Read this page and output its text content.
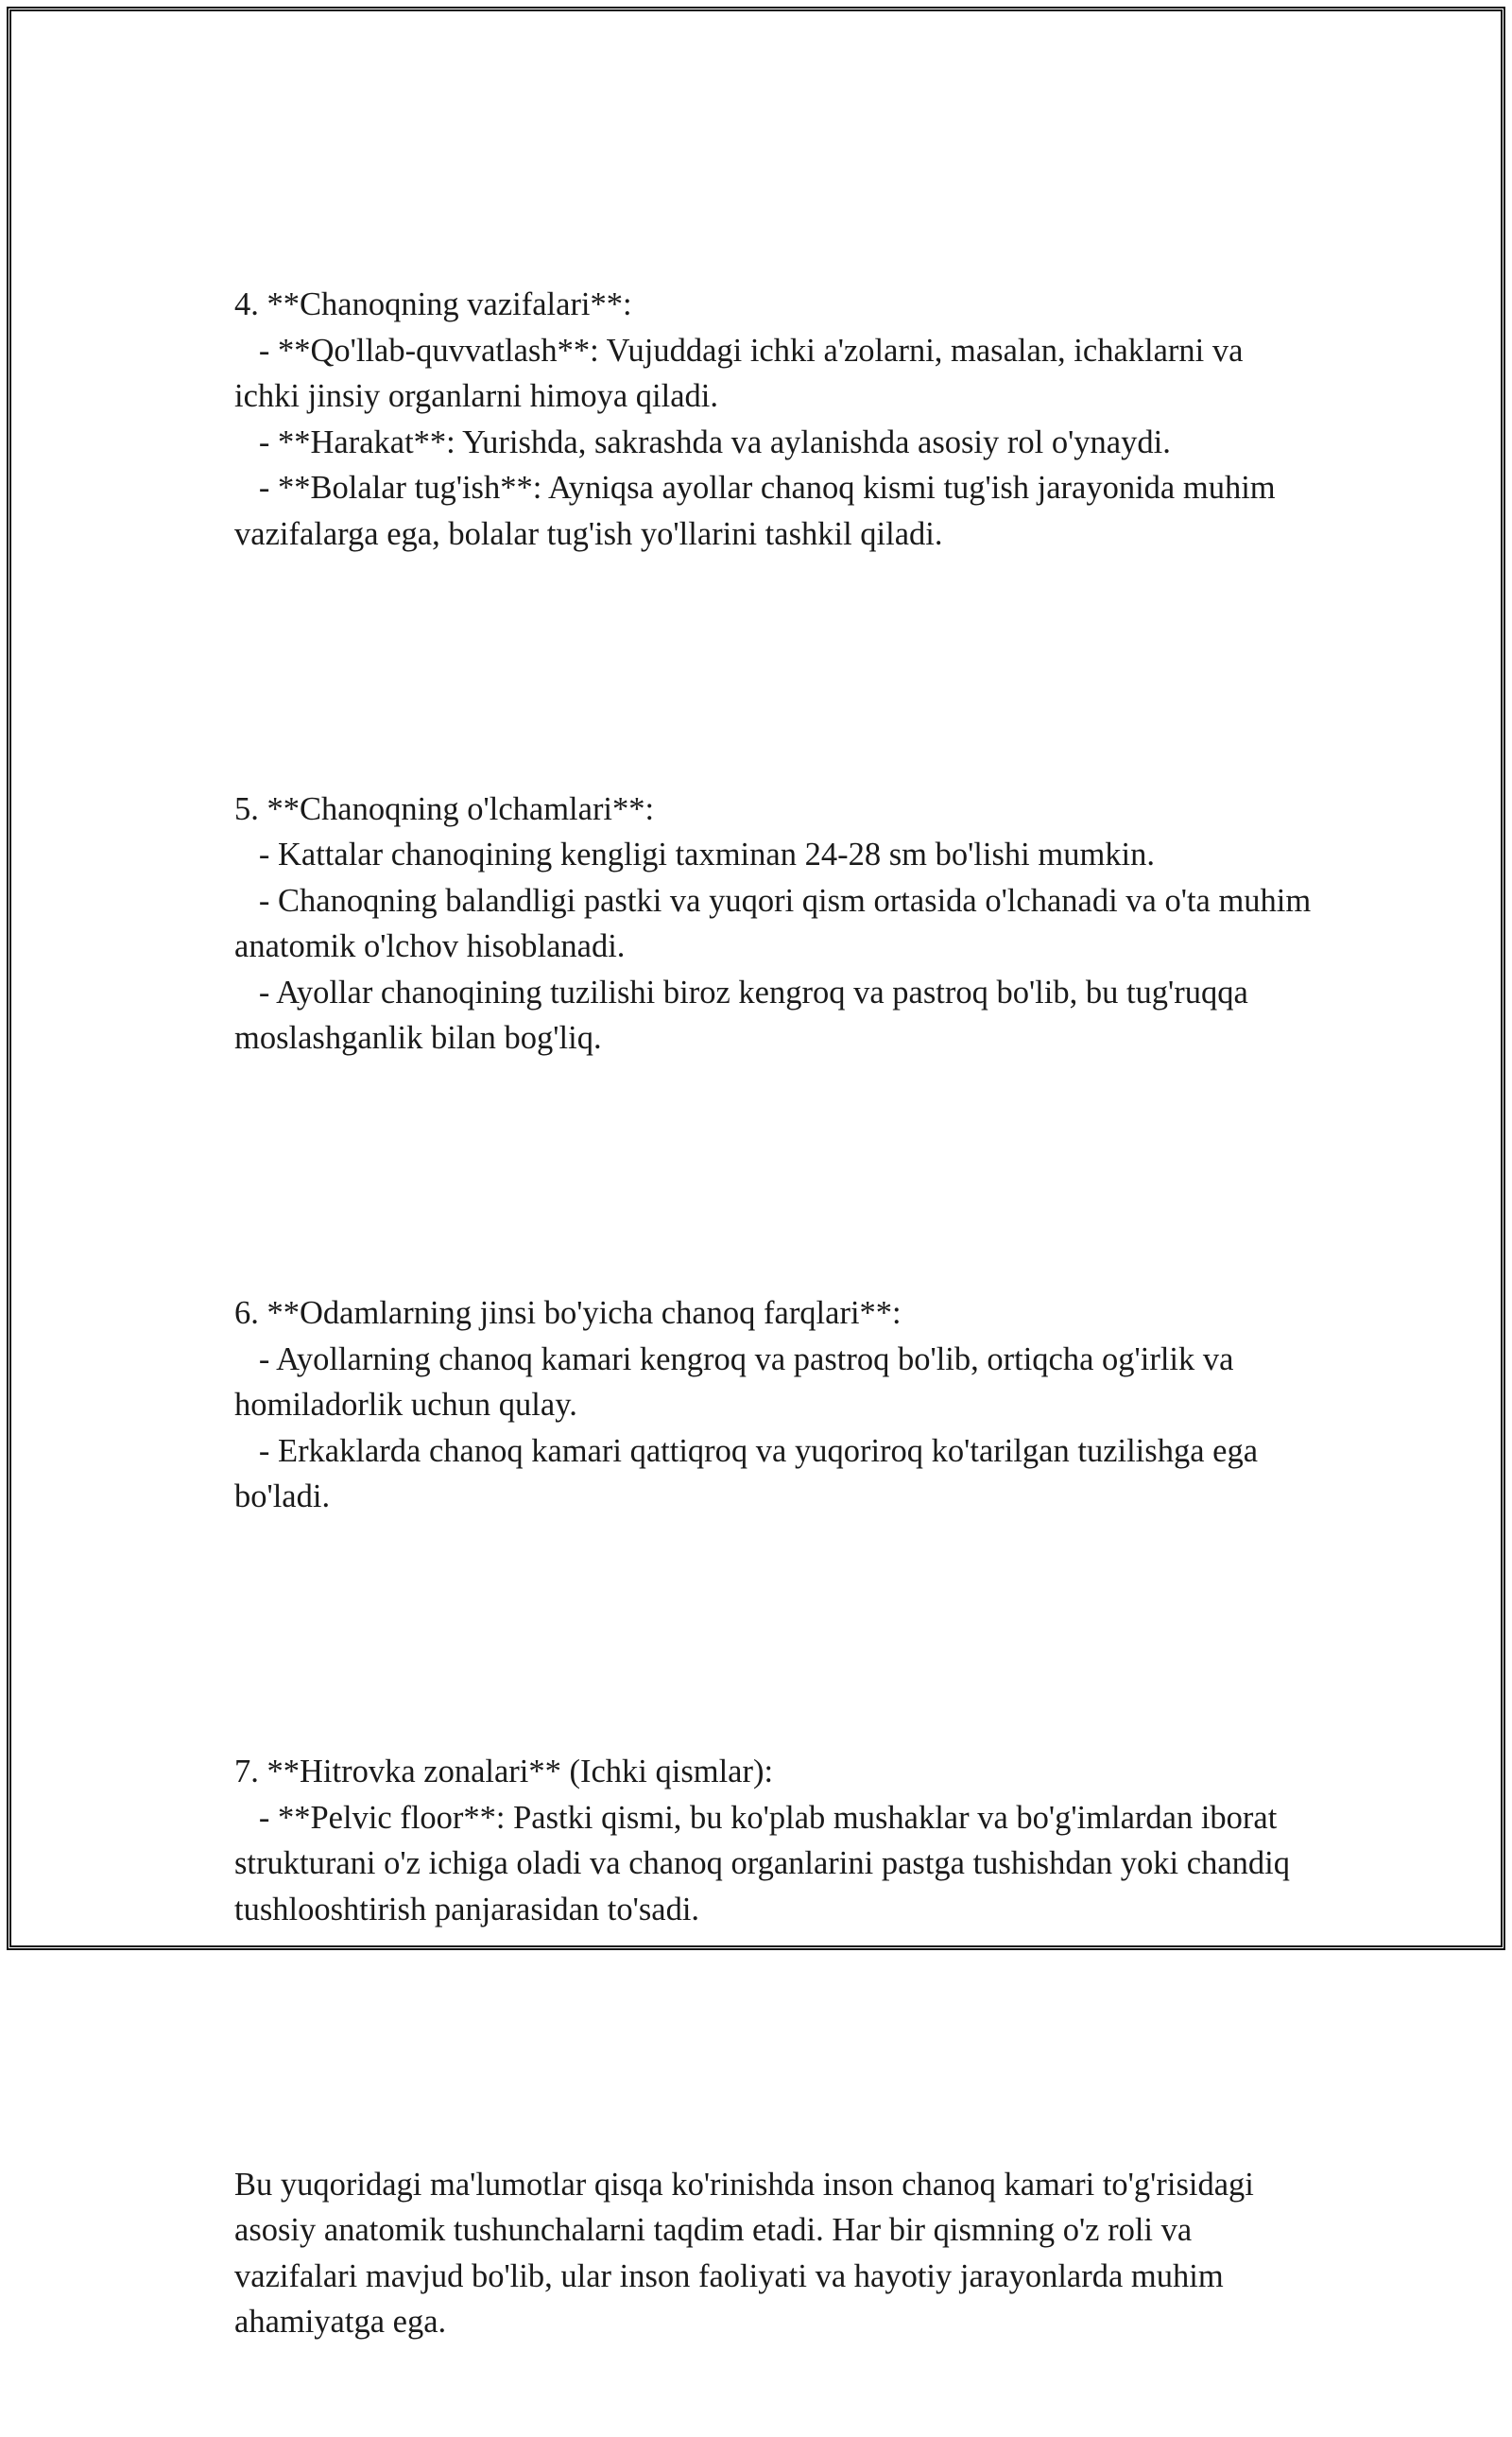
4. **Chanoqning vazifalari**:
- **Qo'llab-quvvatlash**: Vujuddagi ichki a'zolarni, masalan, ichaklarni va ichki jinsiy organlarni himoya qiladi.
- **Harakat**: Yurishda, sakrashda va aylanishda asosiy rol o'ynaydi.
- **Bolalar tug'ish**: Ayniqsa ayollar chanoq kismi tug'ish jarayonida muhim vazifalarga ega, bolalar tug'ish yo'llarini tashkil qiladi.

5. **Chanoqning o'lchamlari**:
- Kattalar chanoqining kengligi taxminan 24-28 sm bo'lishi mumkin.
- Chanoqning balandligi pastki va yuqori qism ortasida o'lchanadi va o'ta muhim anatomik o'lchov hisoblanadi.
- Ayollar chanoqining tuzilishi biroz kengroq va pastroq bo'lib, bu tug'ruqqa moslashganlik bilan bog'liq.

6. **Odamlarning jinsi bo'yicha chanoq farqlari**:
- Ayollarning chanoq kamari kengroq va pastroq bo'lib, ortiqcha og'irlik va homiladorlik uchun qulay.
- Erkaklarda chanoq kamari qattiqroq va yuqoriroq ko'tarilgan tuzilishga ega bo'ladi.

7. **Hitrovka zonalari** (Ichki qismlar):
- **Pelvic floor**: Pastki qismi, bu ko'plab mushaklar va bo'g'imlardan iborat strukturani o'z ichiga oladi va chanoq organlarini pastga tushishdan yoki chandiq tushlooshtirish panjarasidan to'sadi.

Bu yuqoridagi ma'lumotlar qisqa ko'rinishda inson chanoq kamari to'g'risidagi asosiy anatomik tushunchalarni taqdim etadi. Har bir qismning o'z roli va vazifalari mavjud bo'lib, ular inson faoliyati va hayotiy jarayonlarda muhim ahamiyatga ega.
